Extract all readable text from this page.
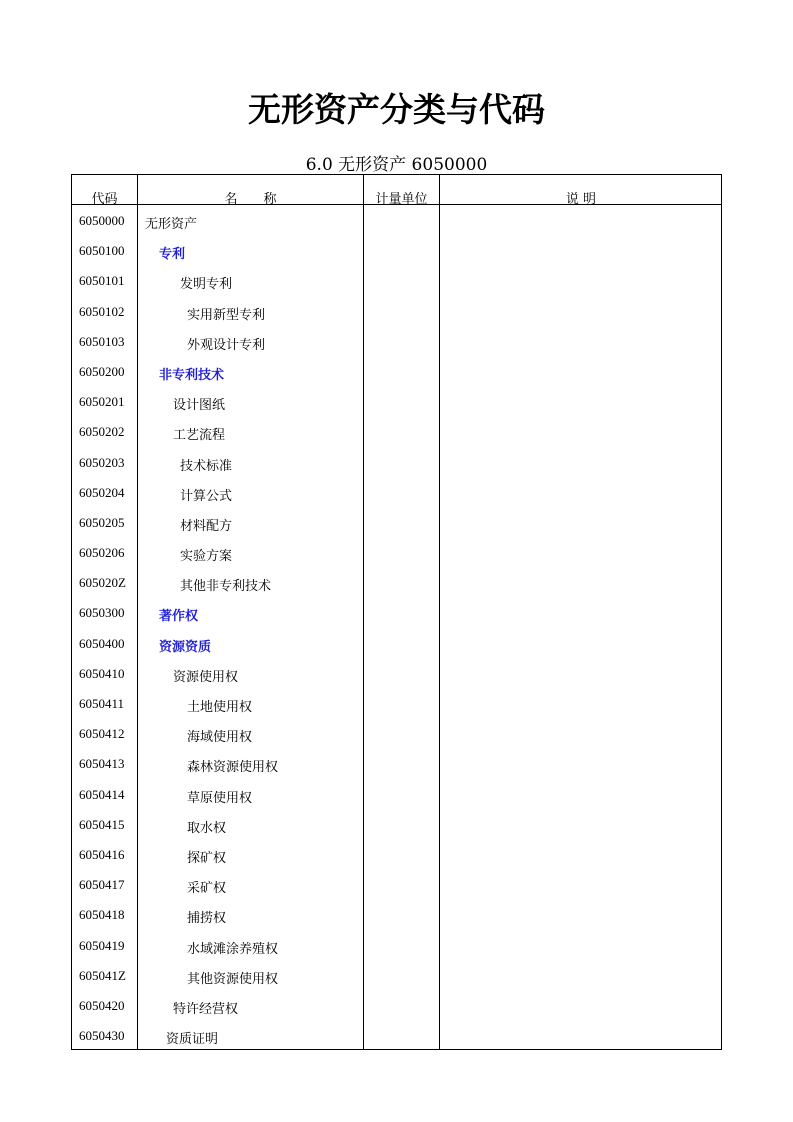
无形资产分类与代码
6.0 无形资产 6050000
代码	名　　称	计量单位	说 明
6050000 无形资产
6050100	专利
6050101	发明专利
6050102	实用新型专利
6050103	外观设计专利
6050200	非专利技术
6050201	设计图纸
6050202	工艺流程
6050203	技术标准
6050204	计算公式
6050205	材料配方
6050206	实验方案
605020Z	其他非专利技术
6050300	著作权
6050400	资源资质
6050410	资源使用权
6050411	土地使用权
6050412	海域使用权
6050413	森林资源使用权
6050414	草原使用权
6050415	取水权
6050416	探矿权
6050417	采矿权
6050418	捕捞权
6050419	水域滩涂养殖权
605041Z	其他资源使用权
6050420	特许经营权
6050430	资质证明
